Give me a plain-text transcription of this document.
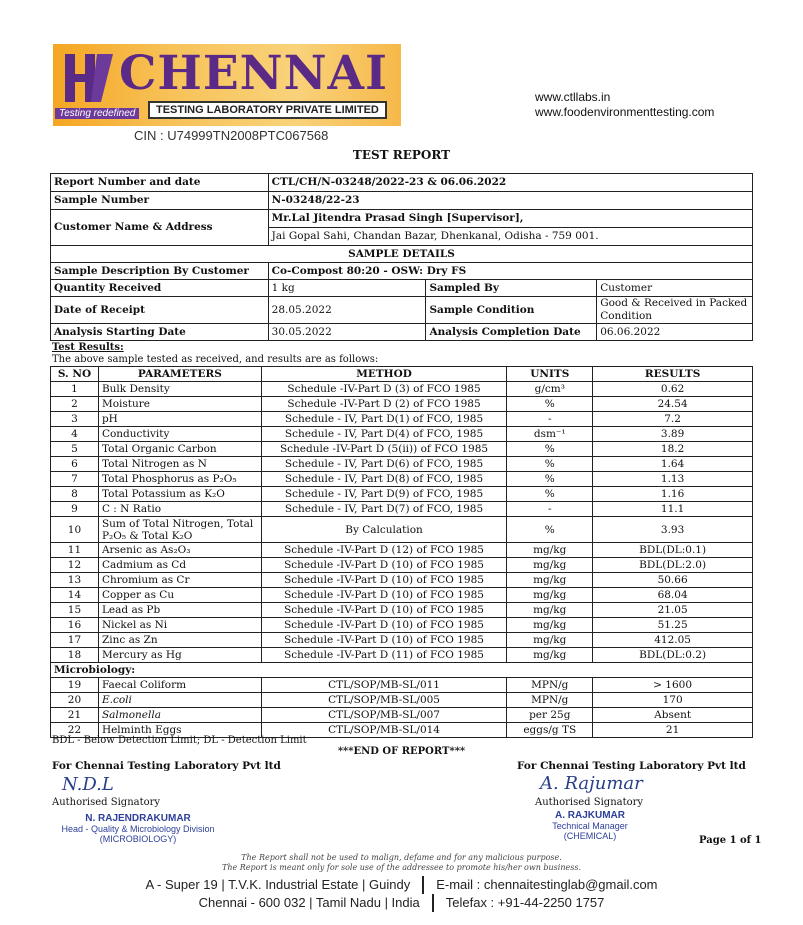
CHENNAI
TESTING LABORATORY PRIVATE LIMITED
Testing redefined
CIN : U74999TN2008PTC067568
www.ctllabs.in
www.foodenvironmenttesting.com
TEST REPORT
Report Number and date	CTL/CH/N-03248/2022-23 & 06.06.2022		
Sample Number	N-03248/22-23		
Customer Name & Address	Mr.Lal Jitendra Prasad Singh [Supervisor],		
	Jai Gopal Sahi, Chandan Bazar, Dhenkanal, Odisha - 759 001.		
SAMPLE DETAILS			
Sample Description By Customer	Co-Compost 80:20 - OSW: Dry FS		
Quantity Received	1 kg	Sampled By	Customer
Date of Receipt	28.05.2022	Sample Condition	Good & Received in Packed Condition
Analysis Starting Date	30.05.2022	Analysis Completion Date	06.06.2022
Test Results:
The above sample tested as received, and results are as follows:
S. NO	PARAMETERS	METHOD	UNITS	RESULTS
1	Bulk Density	Schedule -IV-Part D (3) of FCO 1985	g/cm³	0.62
2	Moisture	Schedule -IV-Part D (2) of FCO 1985	%	24.54
3	pH	Schedule - IV, Part D(1) of FCO, 1985	-	7.2
4	Conductivity	Schedule - IV, Part D(4) of FCO, 1985	dsm⁻¹	3.89
5	Total Organic Carbon	Schedule -IV-Part D (5(ii)) of FCO 1985	%	18.2
6	Total Nitrogen as N	Schedule - IV, Part D(6) of FCO, 1985	%	1.64
7	Total Phosphorus as P₂O₅	Schedule - IV, Part D(8) of FCO, 1985	%	1.13
8	Total Potassium as K₂O	Schedule - IV, Part D(9) of FCO, 1985	%	1.16
9	C : N Ratio	Schedule - IV, Part D(7) of FCO, 1985	-	11.1
10	Sum of Total Nitrogen, Total P₂O₅ & Total K₂O	By Calculation	%	3.93
11	Arsenic as As₂O₃	Schedule -IV-Part D (12) of FCO 1985	mg/kg	BDL(DL:0.1)
12	Cadmium as Cd	Schedule -IV-Part D (10) of FCO 1985	mg/kg	BDL(DL:2.0)
13	Chromium as Cr	Schedule -IV-Part D (10) of FCO 1985	mg/kg	50.66
14	Copper as Cu	Schedule -IV-Part D (10) of FCO 1985	mg/kg	68.04
15	Lead as Pb	Schedule -IV-Part D (10) of FCO 1985	mg/kg	21.05
16	Nickel as Ni	Schedule -IV-Part D (10) of FCO 1985	mg/kg	51.25
17	Zinc as Zn	Schedule -IV-Part D (10) of FCO 1985	mg/kg	412.05
18	Mercury as Hg	Schedule -IV-Part D (11) of FCO 1985	mg/kg	BDL(DL:0.2)
Microbiology:				
19	Faecal Coliform	CTL/SOP/MB-SL/011	MPN/g	> 1600
20	E.coli	CTL/SOP/MB-SL/005	MPN/g	170
21	Salmonella	CTL/SOP/MB-SL/007	per 25g	Absent
22	Helminth Eggs	CTL/SOP/MB-SL/014	eggs/g TS	21
BDL - Below Detection Limit; DL - Detection Limit
***END OF REPORT***
For Chennai Testing Laboratory Pvt ltd
N.D.L
Authorised Signatory
N. RAJENDRAKUMAR
Head - Quality & Microbiology Division
(MICROBIOLOGY)
For Chennai Testing Laboratory Pvt ltd
A. Rajumar
Authorised Signatory
A. RAJKUMAR
Technical Manager
(CHEMICAL)	Page 1 of 1
The Report shall not be used to malign, defame and for any malicious purpose.
The Report is meant only for sole use of the addressee to promote his/her own business.
A - Super 19 | T.V.K. Industrial Estate | Guindy E-mail : chennaitestinglab@gmail.com
Chennai - 600 032 | Tamil Nadu | India Telefax : +91-44-2250 1757
